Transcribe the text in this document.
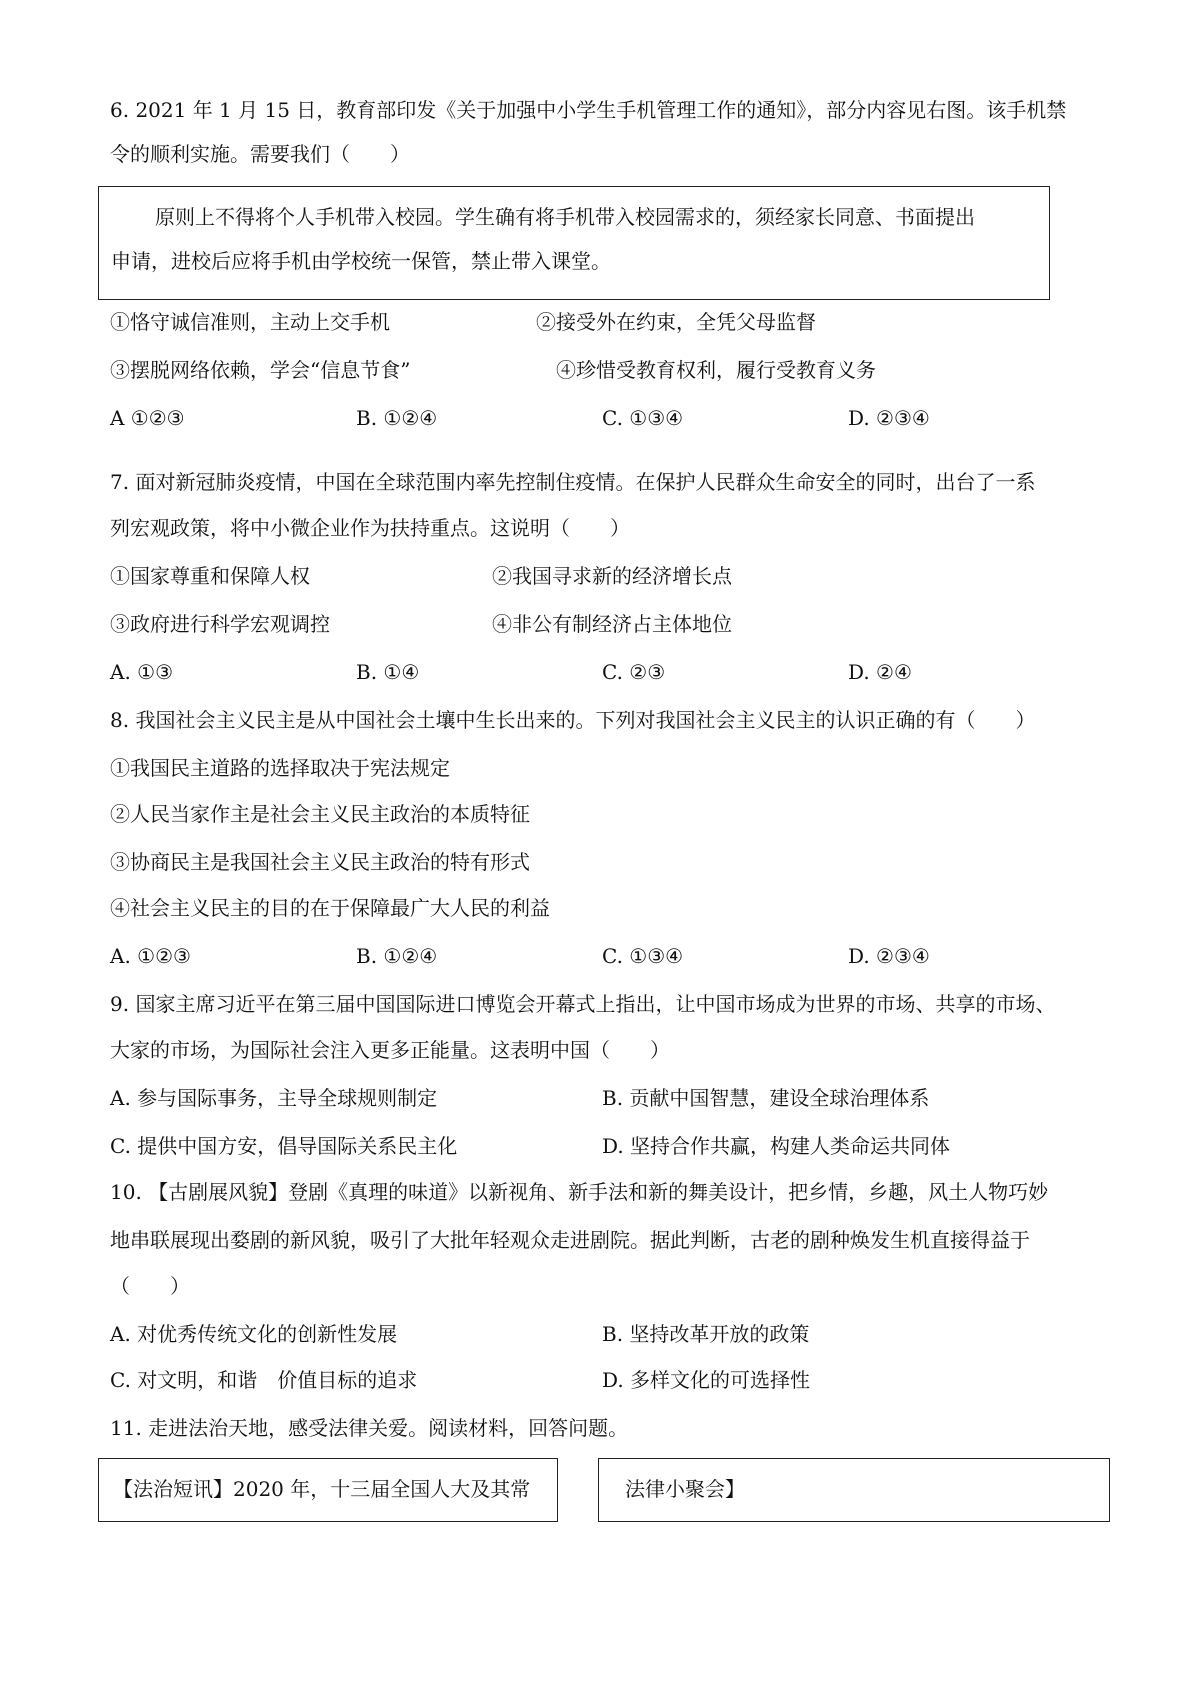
6. 2021 年 1 月 15 日，教育部印发《关于加强中小学生手机管理工作的通知》，部分内容见右图。该手机禁
令的顺利实施。需要我们（　　）
原则上不得将个人手机带入校园。学生确有将手机带入校园需求的，须经家长同意、书面提出
申请，进校后应将手机由学校统一保管，禁止带入课堂。
①恪守诚信准则，主动上交手机	②接受外在约束，全凭父母监督
③摆脱网络依赖，学会“信息节食”	④珍惜受教育权利，履行受教育义务
A ①②③	B. ①②④	C. ①③④	D. ②③④
7. 面对新冠肺炎疫情，中国在全球范围内率先控制住疫情。在保护人民群众生命安全的同时，出台了一系
列宏观政策，将中小微企业作为扶持重点。这说明（　　）
①国家尊重和保障人权	②我国寻求新的经济增长点
③政府进行科学宏观调控	④非公有制经济占主体地位
A. ①③	B. ①④	C. ②③	D. ②④
8. 我国社会主义民主是从中国社会土壤中生长出来的。下列对我国社会主义民主的认识正确的有（　　）
①我国民主道路的选择取决于宪法规定
②人民当家作主是社会主义民主政治的本质特征
③协商民主是我国社会主义民主政治的特有形式
④社会主义民主的目的在于保障最广大人民的利益
A. ①②③	B. ①②④	C. ①③④	D. ②③④
9. 国家主席习近平在第三届中国国际进口博览会开幕式上指出，让中国市场成为世界的市场、共享的市场、
大家的市场，为国际社会注入更多正能量。这表明中国（　　）
A. 参与国际事务，主导全球规则制定	B. 贡献中国智慧，建设全球治理体系
C. 提供中国方安，倡导国际关系民主化	D. 坚持合作共赢，构建人类命运共同体
10. 【古剧展风貌】登剧《真理的味道》以新视角、新手法和新的舞美设计，把乡情，乡趣，风土人物巧妙
地串联展现出婺剧的新风貌，吸引了大批年轻观众走进剧院。据此判断，古老的剧种焕发生机直接得益于
（　　）
A. 对优秀传统文化的创新性发展	B. 坚持改革开放的政策
C. 对文明，和谐　价值目标的追求	D. 多样文化的可选择性
11. 走进法治天地，感受法律关爱。阅读材料，回答问题。
【法治短讯】2020 年，十三届全国人大及其常	法律小聚会】
